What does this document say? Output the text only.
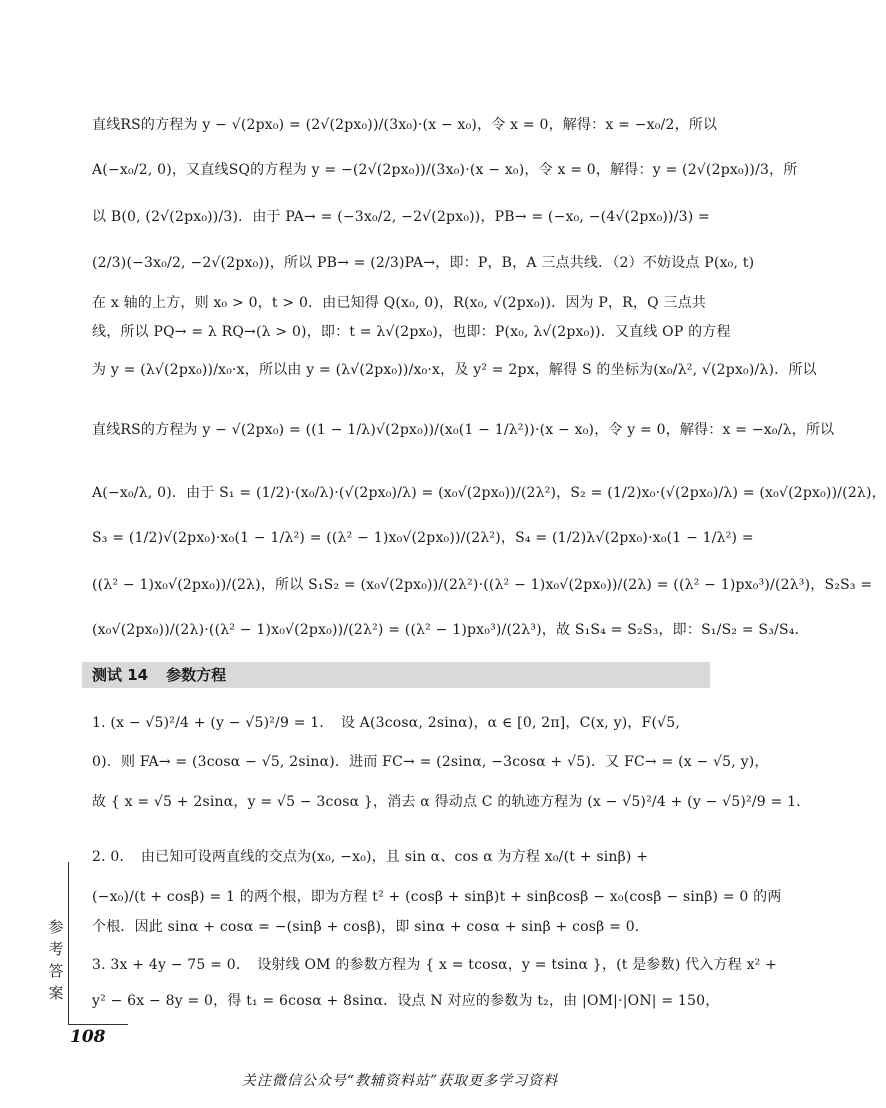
直线RS的方程为 y − √(2px₀) = (2√(2px₀))/(3x₀)·(x − x₀)，令 x = 0，解得：x = −x₀/2，所以
A(−x₀/2, 0)，又直线SQ的方程为 y = −(2√(2px₀))/(3x₀)·(x − x₀)，令 x = 0，解得：y = (2√(2px₀))/3，所
以 B(0, (2√(2px₀))/3)．由于 PA→ = (−3x₀/2, −2√(2px₀))，PB→ = (−x₀, −(4√(2px₀))/3) =
(2/3)(−3x₀/2, −2√(2px₀))，所以 PB→ = (2/3)PA→，即：P，B，A 三点共线．（2）不妨设点 P(x₀, t)
在 x 轴的上方，则 x₀ > 0，t > 0．由已知得 Q(x₀, 0)，R(x₀, √(2px₀))．因为 P，R，Q 三点共
线，所以 PQ→ = λ RQ→(λ > 0)，即：t = λ√(2px₀)，也即：P(x₀, λ√(2px₀))．又直线 OP 的方程
为 y = (λ√(2px₀))/x₀·x，所以由 y = (λ√(2px₀))/x₀·x，及 y² = 2px，解得 S 的坐标为(x₀/λ², √(2px₀)/λ)．所以
直线RS的方程为 y − √(2px₀) = ((1 − 1/λ)√(2px₀))/(x₀(1 − 1/λ²))·(x − x₀)，令 y = 0，解得：x = −x₀/λ，所以
A(−x₀/λ, 0)．由于 S₁ = (1/2)·(x₀/λ)·(√(2px₀)/λ) = (x₀√(2px₀))/(2λ²)，S₂ = (1/2)x₀·(√(2px₀)/λ) = (x₀√(2px₀))/(2λ)，
S₃ = (1/2)√(2px₀)·x₀(1 − 1/λ²) = ((λ² − 1)x₀√(2px₀))/(2λ²)，S₄ = (1/2)λ√(2px₀)·x₀(1 − 1/λ²) =
((λ² − 1)x₀√(2px₀))/(2λ)，所以 S₁S₂ = (x₀√(2px₀))/(2λ²)·((λ² − 1)x₀√(2px₀))/(2λ) = ((λ² − 1)px₀³)/(2λ³)，S₂S₃ =
(x₀√(2px₀))/(2λ)·((λ² − 1)x₀√(2px₀))/(2λ²) = ((λ² − 1)px₀³)/(2λ³)，故 S₁S₄ = S₂S₃，即：S₁/S₂ = S₃/S₄．
测试 14 参数方程
1. (x − √5)²/4 + (y − √5)²/9 = 1．　设 A(3cosα, 2sinα)，α ∈ [0, 2π]，C(x, y)，F(√5,
0)．则 FA→ = (3cosα − √5, 2sinα)．进而 FC→ = (2sinα, −3cosα + √5)．又 FC→ = (x − √5, y)，
故 { x = √5 + 2sinα，y = √5 − 3cosα }，消去 α 得动点 C 的轨迹方程为 (x − √5)²/4 + (y − √5)²/9 = 1．
2. 0．　由已知可设两直线的交点为(x₀, −x₀)，且 sin α、cos α 为方程 x₀/(t + sinβ) +
(−x₀)/(t + cosβ) = 1 的两个根，即为方程 t² + (cosβ + sinβ)t + sinβcosβ − x₀(cosβ − sinβ) = 0 的两
个根．因此 sinα + cosα = −(sinβ + cosβ)，即 sinα + cosα + sinβ + cosβ = 0．
3. 3x + 4y − 75 = 0．　设射线 OM 的参数方程为 { x = tcosα，y = tsinα }，(t 是参数) 代入方程 x² +
y² − 6x − 8y = 0，得 t₁ = 6cosα + 8sinα．设点 N 对应的参数为 t₂，由 |OM|·|ON| = 150，
参
考
答
案
108
关注微信公众号“教辅资料站”获取更多学习资料
